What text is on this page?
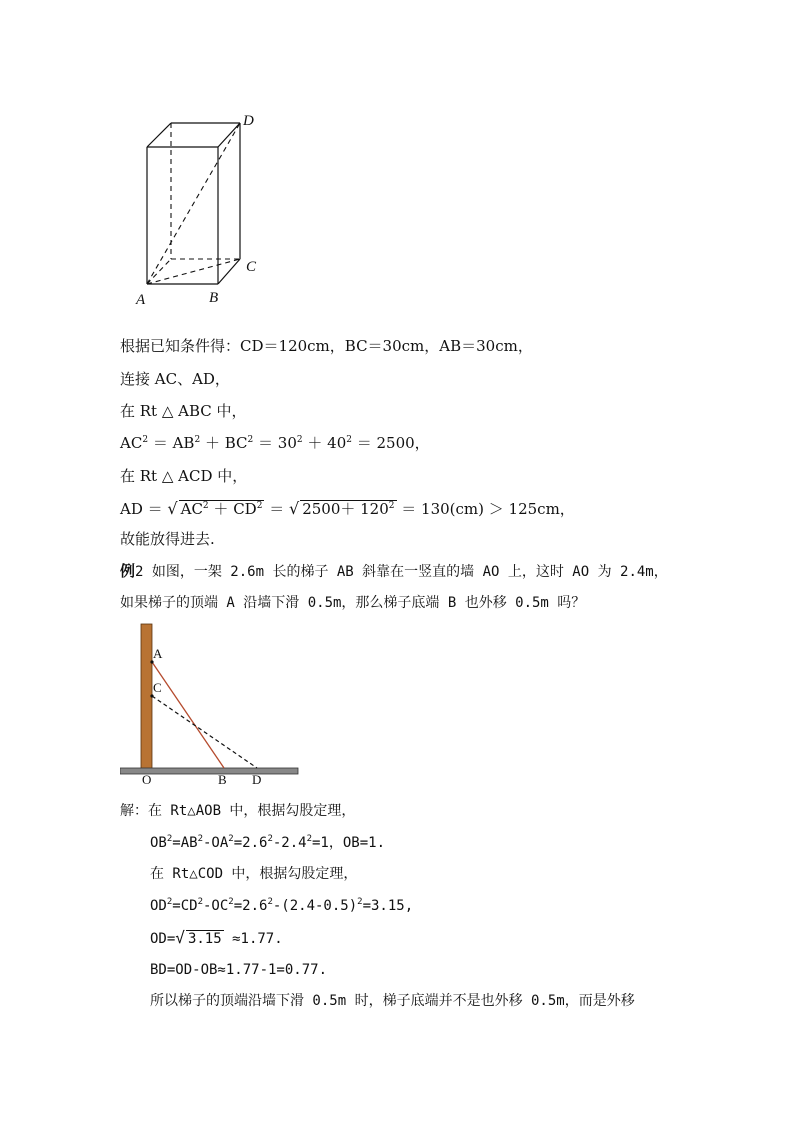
D
C
A	B
根据已知条件得：CD＝120cm，BC＝30cm，AB＝30cm，
连接 AC、AD，
在 Rt △ ABC 中，
$AC^2 = AB^2 + BC^2 = 30^2 + 40^2 = 2500$，
在 Rt △ ACD 中，
AD ＝ √ $AC^2 + CD^2$ ＝ √ $2500+ 120^2 = 130(cm) > 125cm$，
故能放得进去.
例2 如图，一架 2.6m 长的梯子 AB 斜靠在一竖直的墙 AO 上，这时 AO 为 2.4m，
如果梯子的顶端 A 沿墙下滑 0.5m，那么梯子底端 B 也外移 0.5m 吗？
A
C
O	B D
解：在 Rt△AOB 中，根据勾股定理，
$OB^2=AB^2-OA^2=2.6^2-2.4^2=1$，OB=1.
在 Rt△COD 中，根据勾股定理，
$OD^2=CD^2-OC^2=2.6^2-(2.4-0.5)^2=3.15$,
OD=√ 3.15 ≈1.77.
BD=OD-OB≈1.77-1=0.77.
所以梯子的顶端沿墙下滑 0.5m 时，梯子底端并不是也外移 0.5m，而是外移
